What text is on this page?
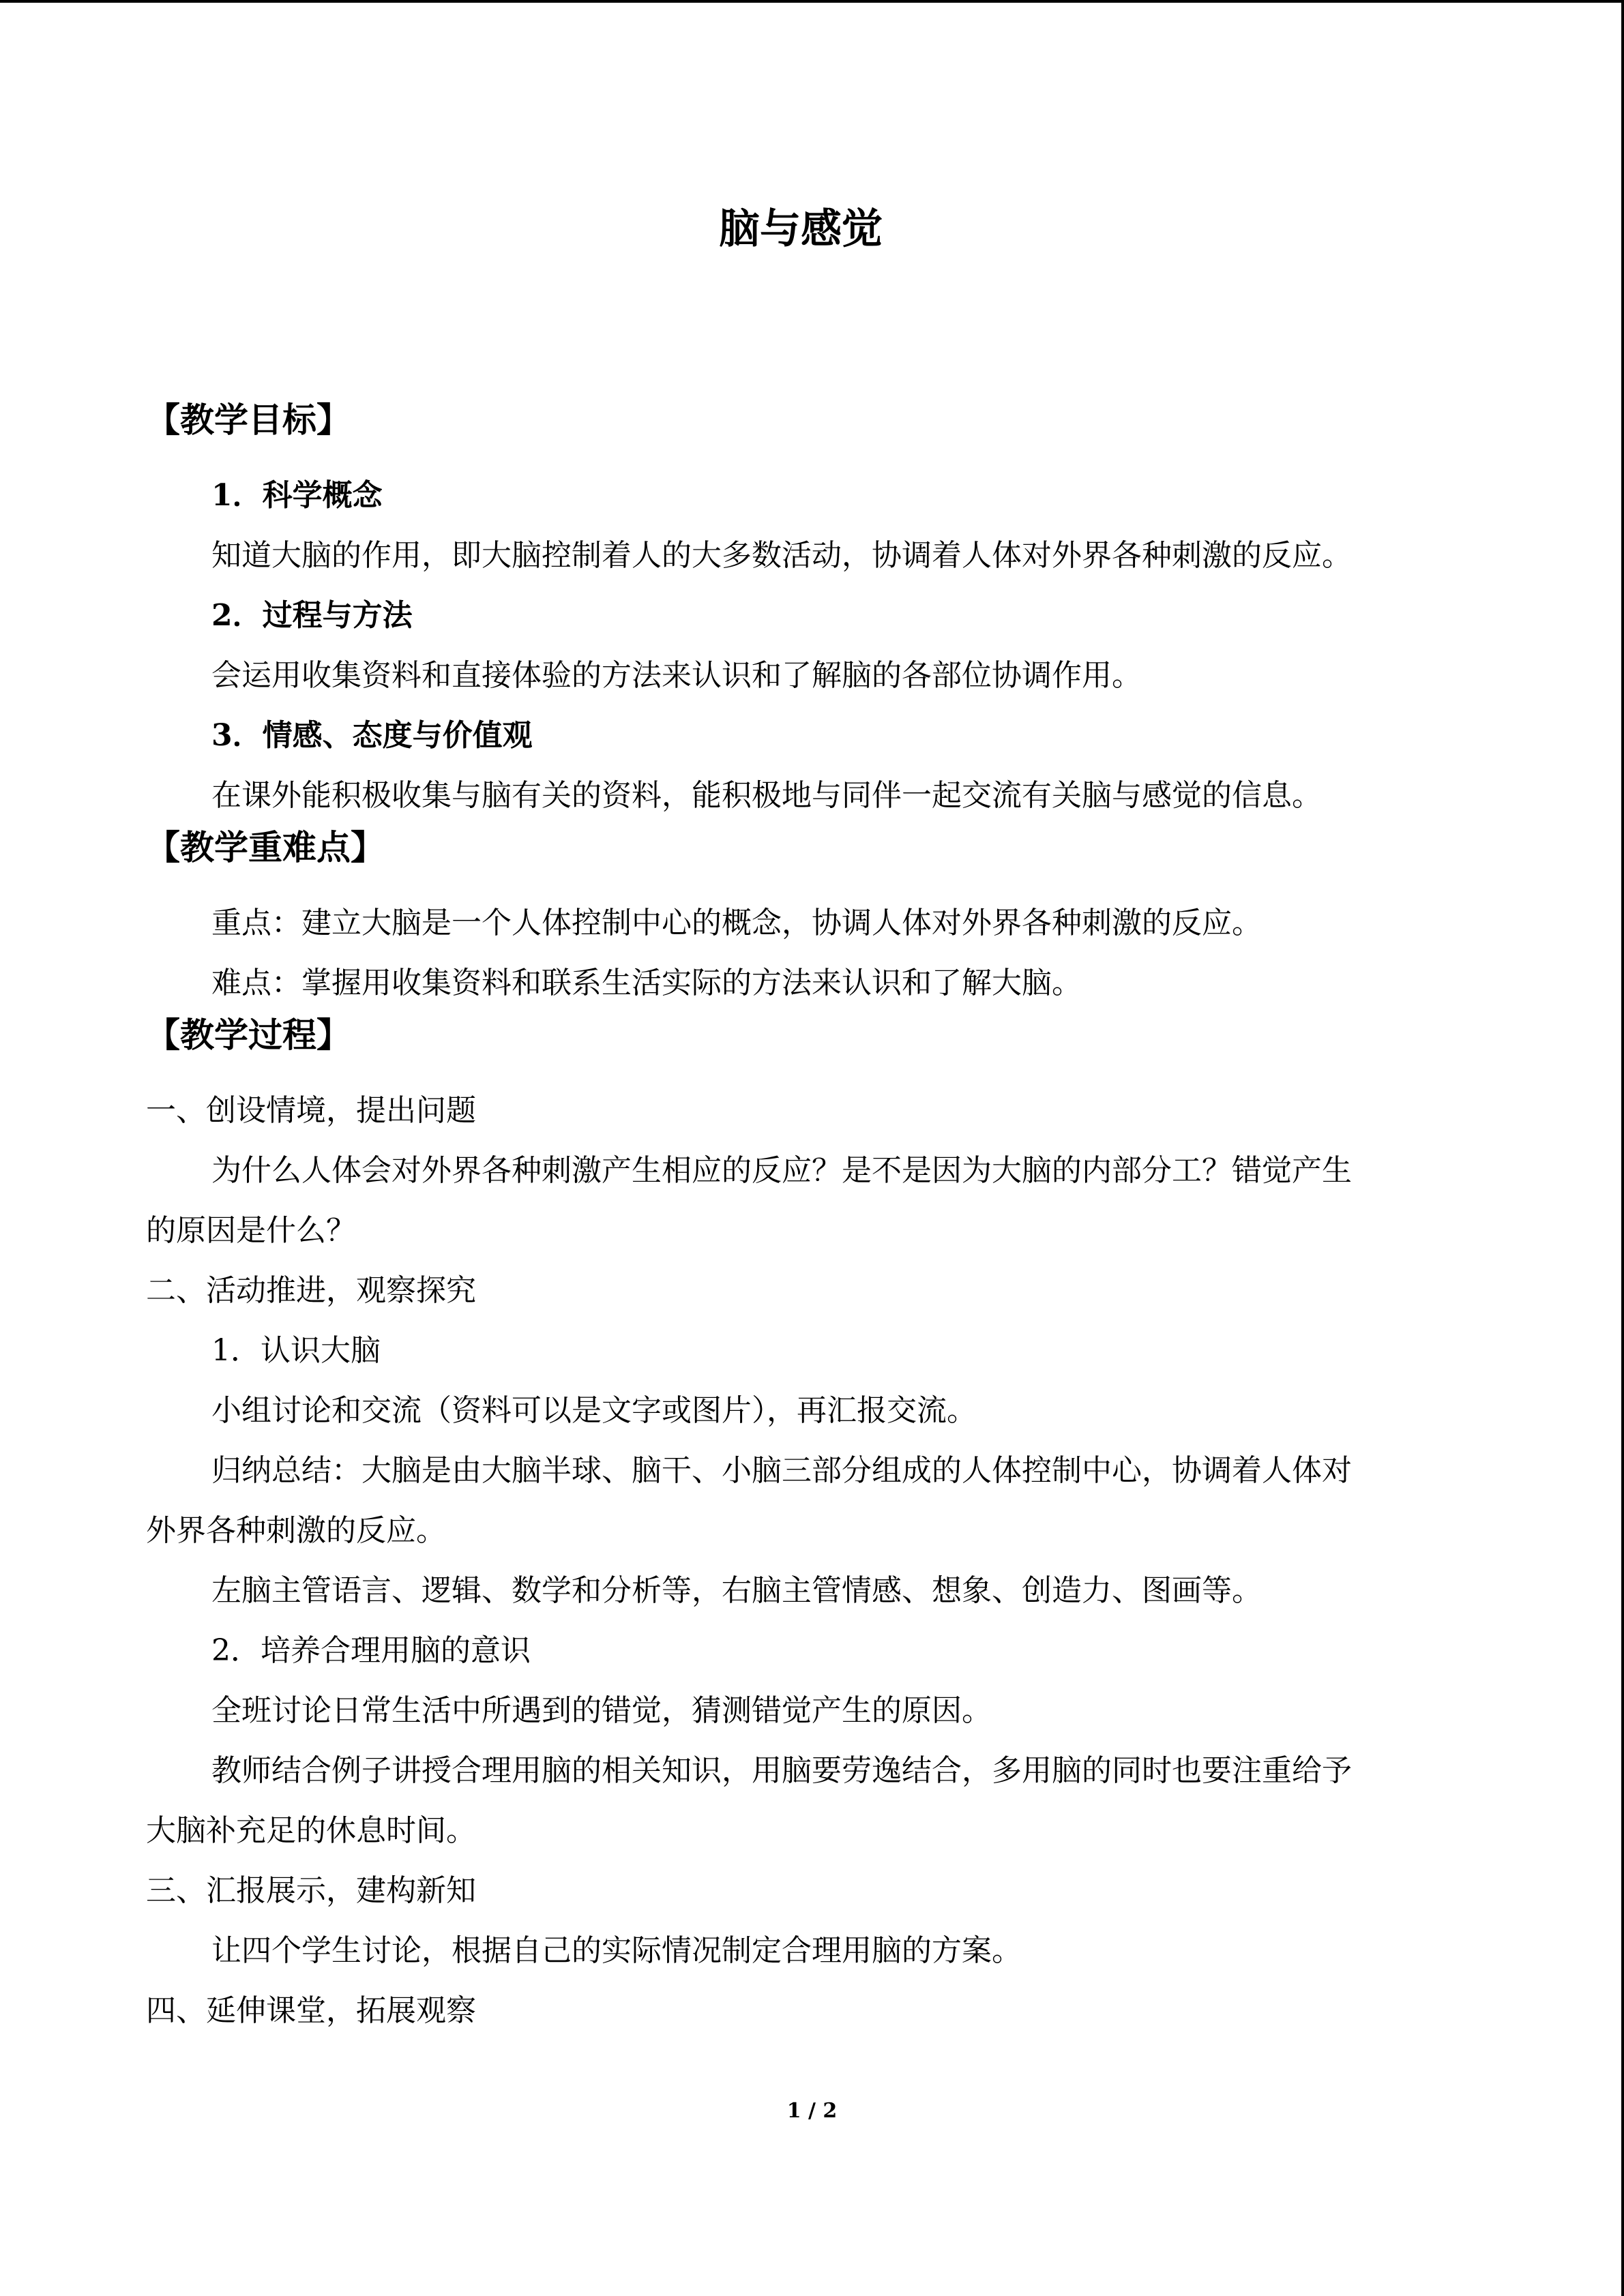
脑与感觉
【教学目标】

1．科学概念

知道大脑的作用，即大脑控制着人的大多数活动，协调着人体对外界各种刺激的反应。

2．过程与方法

会运用收集资料和直接体验的方法来认识和了解脑的各部位协调作用。

3．情感、态度与价值观

在课外能积极收集与脑有关的资料，能积极地与同伴一起交流有关脑与感觉的信息。

【教学重难点】

重点：建立大脑是一个人体控制中心的概念，协调人体对外界各种刺激的反应。

难点：掌握用收集资料和联系生活实际的方法来认识和了解大脑。

【教学过程】

一、创设情境，提出问题

为什么人体会对外界各种刺激产生相应的反应？是不是因为大脑的内部分工？错觉产生

的原因是什么？

二、活动推进，观察探究

1．认识大脑

小组讨论和交流（资料可以是文字或图片），再汇报交流。

归纳总结：大脑是由大脑半球、脑干、小脑三部分组成的人体控制中心，协调着人体对

外界各种刺激的反应。

左脑主管语言、逻辑、数学和分析等，右脑主管情感、想象、创造力、图画等。

2．培养合理用脑的意识

全班讨论日常生活中所遇到的错觉，猜测错觉产生的原因。

教师结合例子讲授合理用脑的相关知识，用脑要劳逸结合，多用脑的同时也要注重给予

大脑补充足的休息时间。

三、汇报展示，建构新知

让四个学生讨论，根据自己的实际情况制定合理用脑的方案。

四、延伸课堂，拓展观察

1 / 2
